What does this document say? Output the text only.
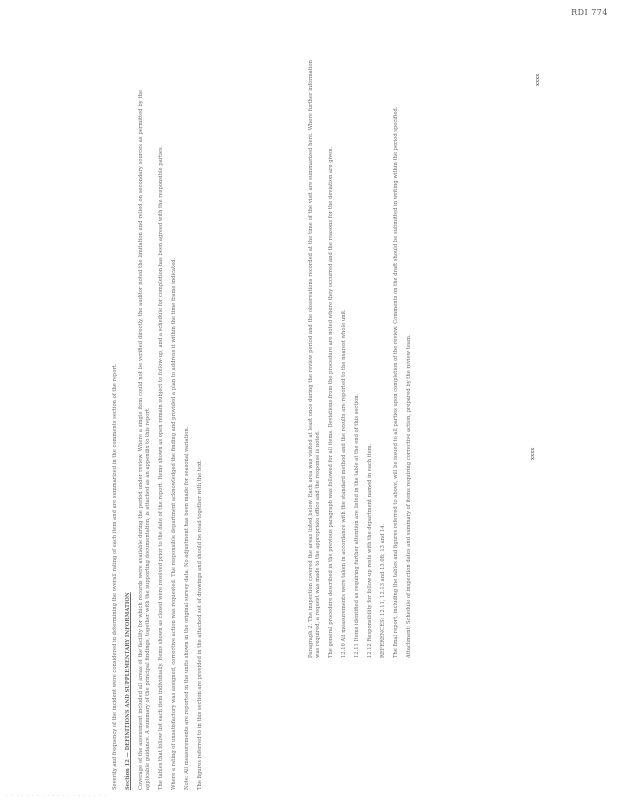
RDI 774

Severity and frequency of the incident were considered in determining the overall rating of each item and are summarized in the comments section of the report. Section 12 — DEFINITIONS AND SUPPLEMENTARY INFORMATION Coverage of the assessment included all areas of the facility for which records were available during the period under review. Where a single item could not be verified directly, the auditor noted the limitation and relied on secondary sources as permitted by the applicable guidance. A summary of the principal findings, together with the supporting documentation, is attached as an appendix to this report. The tables that follow list each item individually. Items shown as closed were resolved prior to the date of the report. Items shown as open remain subject to follow-up, and a schedule for completion has been agreed with the responsible parties. Where a rating of unsatisfactory was assigned, corrective action was requested. The responsible department acknowledged the finding and provided a plan to address it within the time frame indicated. Note: All measurements are reported in the units shown in the original survey data. No adjustment has been made for seasonal variation. The figures referred to in this section are provided in the attached set of drawings and should be read together with the text.

xxxx

Paragraph 2. The inspection covered the areas listed below. Each area was visited at least once during the review period and the observations recorded at the time of the visit are summarized here. Where further information was required, a request was made to the appropriate office and the response is noted. The general procedure described in the previous paragraph was followed for all items. Deviations from the procedure are noted where they occurred and the reasons for the deviation are given. 12.10 All measurements were taken in accordance with the standard method and the results are reported to the nearest whole unit. 12.11 Items identified as requiring further attention are listed in the table at the end of this section. 12.12 Responsibility for follow-up rests with the department named in each item. REFERENCES: 12.11, 12.13 and 13.08; 13 and 14. The final report, including the tables and figures referred to above, will be issued to all parties upon completion of the review. Comments on the draft should be submitted in writing within the period specified. Attachment: Schedule of inspection dates and summary of items requiring corrective action, prepared by the review team.

xxxx
. . . . . . . . . . . . . . . . . . . .
